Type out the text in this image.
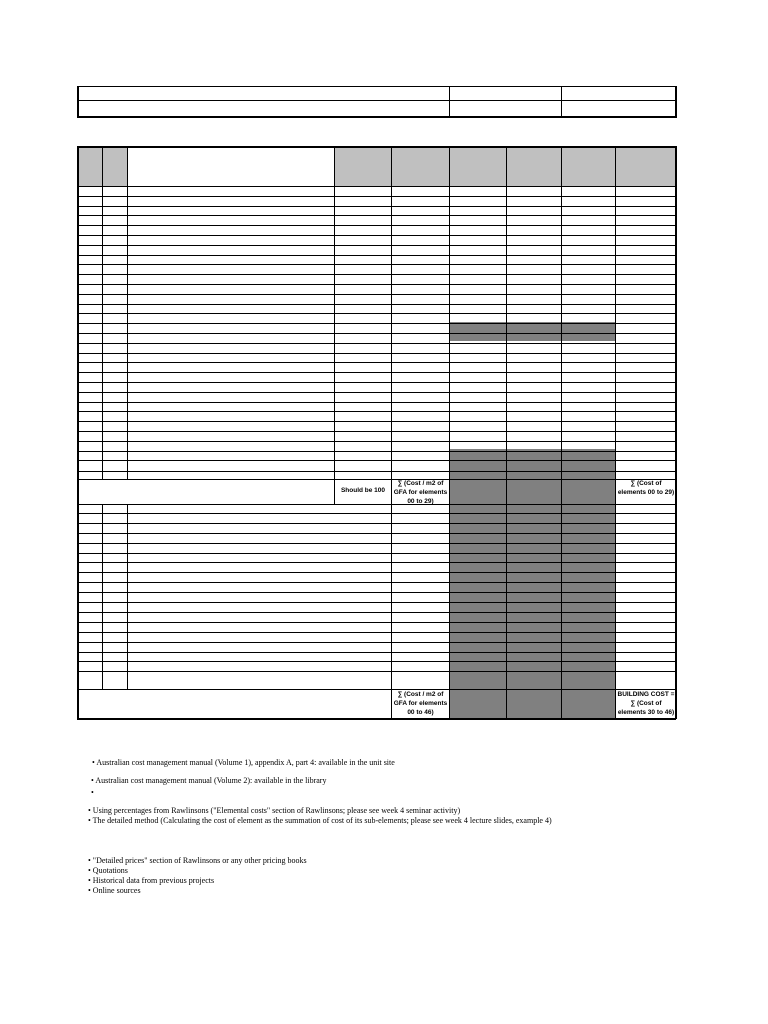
Should be 100
∑ (Cost / m2 of GFA for elements 00 to 29)
∑ (Cost of elements 00 to 29)
∑ (Cost / m2 of GFA for elements 00 to 46)
BUILDING COST = ∑ (Cost of elements 30 to 46)
• Australian cost management manual (Volume 1), appendix A, part 4: available in the unit site
• Australian cost management manual (Volume 2): available in the library
•
• Using percentages from Rawlinsons ("Elemental costs" section of Rawlinsons; please see week 4 seminar activity)
• The detailed method (Calculating the cost of element as the summation of cost of its sub-elements; please see week 4 lecture slides, example 4)
• "Detailed prices" section of Rawlinsons or any other pricing books
• Quotations
• Historical data from previous projects
• Online sources
